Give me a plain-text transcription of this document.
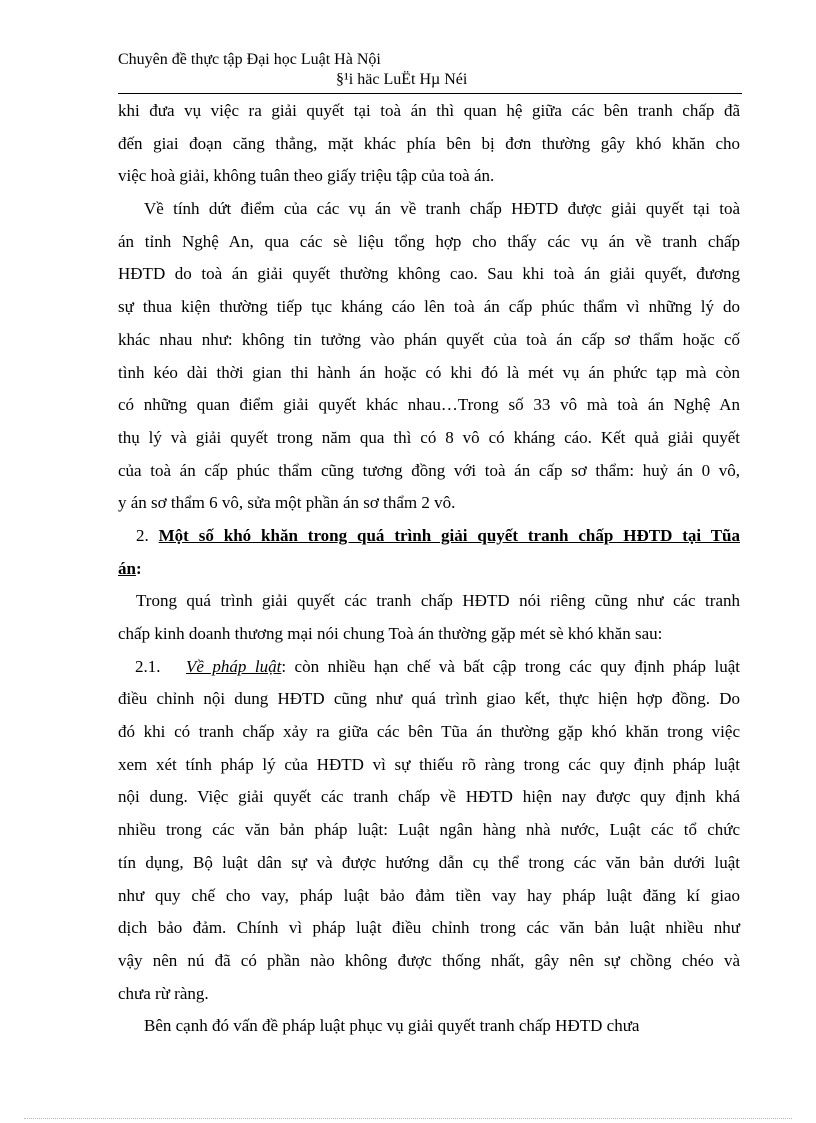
Chuyên đề thực tập Đại học Luật Hà Nội
§¹i häc LuËt Hµ Néi
khi đưa vụ việc ra giải quyết tại toà án thì quan hệ giữa các bên tranh chấp đã
đến giai đoạn căng thẳng, mặt khác phía bên bị đơn thường gây khó khăn cho
việc hoà giải, không tuân theo giấy triệu tập của toà án.
Về tính dứt điểm của các vụ án về tranh chấp HĐTD được giải quyết tại toà
án tỉnh Nghệ An, qua các sè liệu tổng hợp cho thấy các vụ án về tranh chấp
HĐTD do toà án giải quyết thường không cao. Sau khi toà án giải quyết, đương
sự thua kiện thường tiếp tục kháng cáo lên toà án cấp phúc thẩm vì những lý do
khác nhau như: không tin tưởng vào phán quyết của toà án cấp sơ thẩm hoặc cố
tình kéo dài thời gian thi hành án hoặc có khi đó là mét vụ án phức tạp mà còn
có những quan điểm giải quyết khác nhau…Trong số 33 vô mà toà án Nghệ An
thụ lý và giải quyết trong năm qua thì có 8 vô có kháng cáo. Kết quả giải quyết
của toà án cấp phúc thẩm cũng tương đồng với toà án cấp sơ thẩm: huỷ án 0 vô,
y án sơ thẩm 6 vô, sửa một phần án sơ thẩm 2 vô.
2. Một số khó khăn trong quá trình giải quyết tranh chấp HĐTD tại Tũa
án:
Trong quá trình giải quyết các tranh chấp HĐTD nói riêng cũng như các tranh
chấp kinh doanh thương mại nói chung Toà án thường gặp mét sè khó khăn sau:
2.1. Về pháp luật: còn nhiều hạn chế và bất cập trong các quy định pháp luật
điều chỉnh nội dung HĐTD cũng như quá trình giao kết, thực hiện hợp đồng. Do
đó khi có tranh chấp xảy ra giữa các bên Tũa án thường gặp khó khăn trong việc
xem xét tính pháp lý của HĐTD vì sự thiếu rõ ràng trong các quy định pháp luật
nội dung. Việc giải quyết các tranh chấp về HĐTD hiện nay được quy định khá
nhiều trong các văn bản pháp luật: Luật ngân hàng nhà nước, Luật các tổ chức
tín dụng, Bộ luật dân sự và được hướng dẫn cụ thể trong các văn bản dưới luật
như quy chế cho vay, pháp luật bảo đảm tiền vay hay pháp luật đăng kí giao
dịch bảo đảm. Chính vì pháp luật điều chỉnh trong các văn bản luật nhiều như
vậy nên nú đã có phần nào không được thống nhất, gây nên sự chồng chéo và
chưa rừ ràng.
Bên cạnh đó vấn đề pháp luật phục vụ giải quyết tranh chấp HĐTD chưa
